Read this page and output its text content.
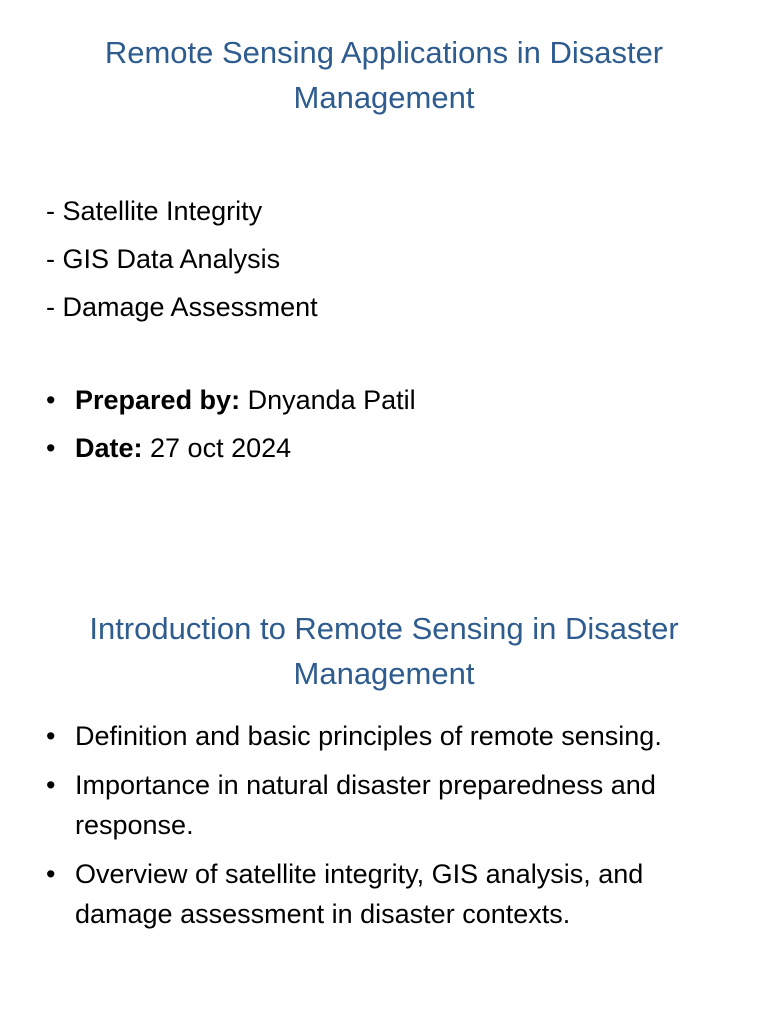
Remote Sensing Applications in Disaster Management
- Satellite Integrity
- GIS Data Analysis
- Damage Assessment
• Prepared by: Dnyanda Patil
• Date: 27 oct 2024
Introduction to Remote Sensing in Disaster Management
• Definition and basic principles of remote sensing.
• Importance in natural disaster preparedness and response.
• Overview of satellite integrity, GIS analysis, and damage assessment in disaster contexts.
